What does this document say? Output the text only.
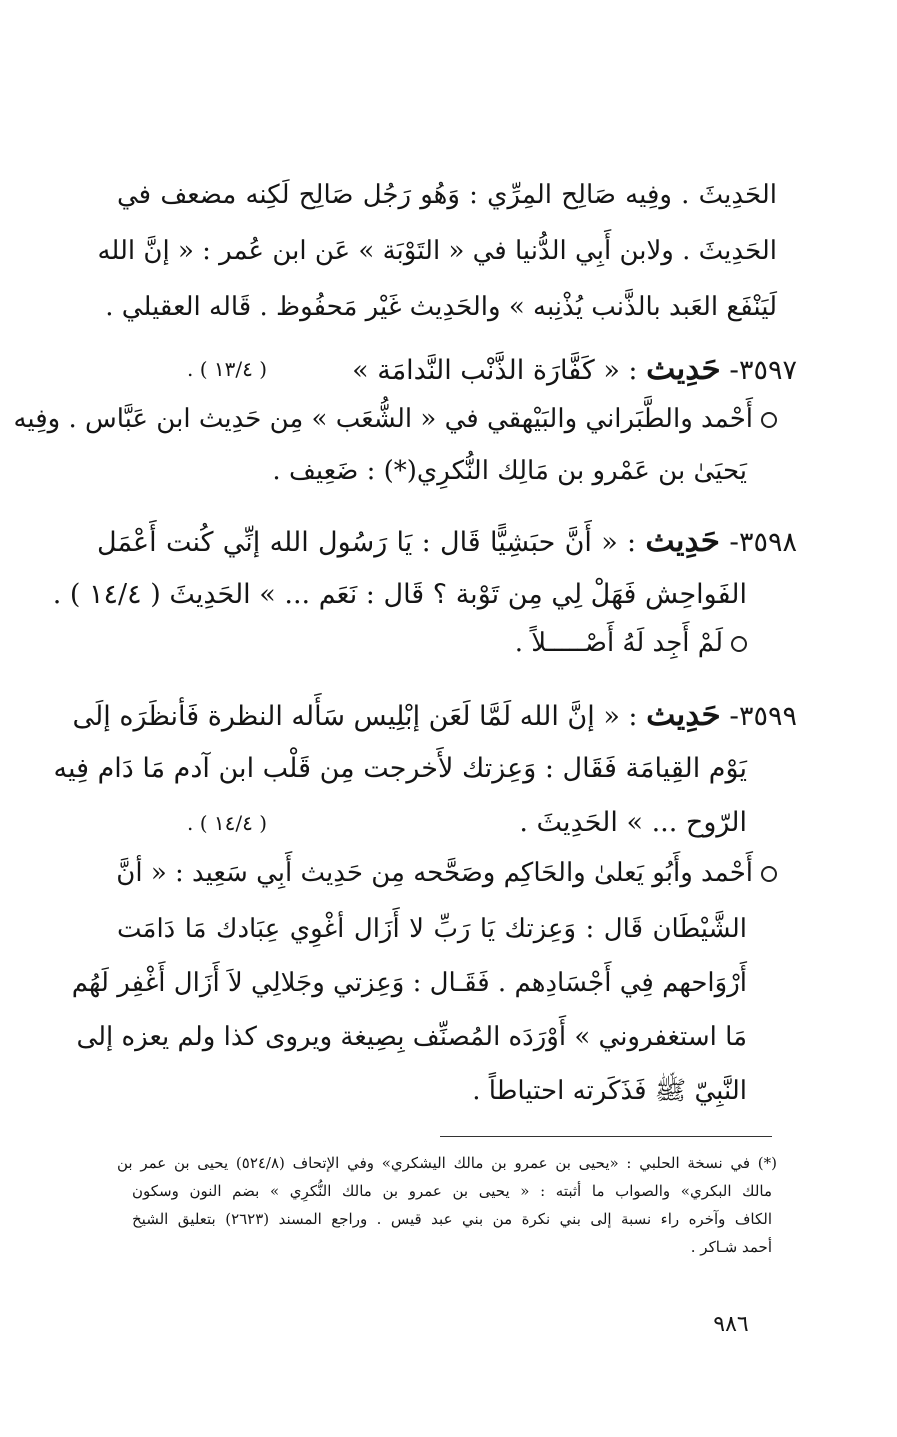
الحَدِيثَ . وفِيه صَالِح المِرِّي : وَهُو رَجُل صَالِح لَكِنه مضعف في
الحَدِيثَ . ولابن أَبِي الدُّنيا في « التَوْبَة » عَن ابن عُمر : « إنَّ الله
لَيَنْفَع العَبد بالذَّنب يُذْنِبه » والحَدِيث غَيْر مَحفُوظ . قَاله العقيلي .
٣٥٩٧- حَدِيث : « كَفَّارَة الذَّنْب النَّدامَة »
( ١٣/٤ ) .
أَحْمد والطَّبَراني والبَيْهقي في « الشُّعَب » مِن حَدِيث ابن عَبَّاس . وفِيه
يَحيَىٰ بن عَمْرو بن مَالِك النُّكرِي(*) : ضَعِيف .
٣٥٩٨- حَدِيث : « أَنَّ حبَشِيًّا قَال : يَا رَسُول الله إنِّي كُنت أَعْمَل
الفَواحِش فَهَلْ لِي مِن تَوْبة ؟ قَال : نَعَم ... » الحَدِيثَ ( ١٤/٤ ) .
لَمْ أَجِد لَهُ أَصْـــــلاً .
٣٥٩٩- حَدِيث : « إنَّ الله لَمَّا لَعَن إبْلِيس سَأَله النظرة فَأنظَرَه إلَى
يَوْم القِيامَة فَقَال : وَعِزتك لأَخرجت مِن قَلْب ابن آدم مَا دَام فِيه
الرّوح ... » الحَدِيثَ .
( ١٤/٤ ) .
أَحْمد وأَبُو يَعلىٰ والحَاكِم وصَحَّحه مِن حَدِيث أَبِي سَعِيد : « أنَّ
الشَّيْطَان قَال : وَعِزتك يَا رَبِّ لا أَزَال أغْوِي عِبَادك مَا دَامَت
أَرْوَاحهم فِي أَجْسَادِهم . فَقَـال : وَعِزتي وجَلالِي لاَ أَزَال أَغْفِر لَهُم
مَا استغفروني » أَوْرَدَه المُصنِّف بِصِيغة ويروى كذا ولم يعزه إلى
النَّبِيّ ﷺ فَذَكَرته احتياطاً .
(*) في نسخة الحلبي : «يحيى بن عمرو بن مالك اليشكري» وفي الإتحاف (٥٢٤/٨) يحيى بن عمر بن
مالك البكري» والصواب ما أثبته : « يحيى بن عمرو بن مالك النُّكرِي » بضم النون وسكون
الكاف وآخره راء نسبة إلى بني نكرة من بني عبد قيس . وراجع المسند (٢٦٢٣) بتعليق الشيخ
أحمد شـاكر .
٩٨٦
